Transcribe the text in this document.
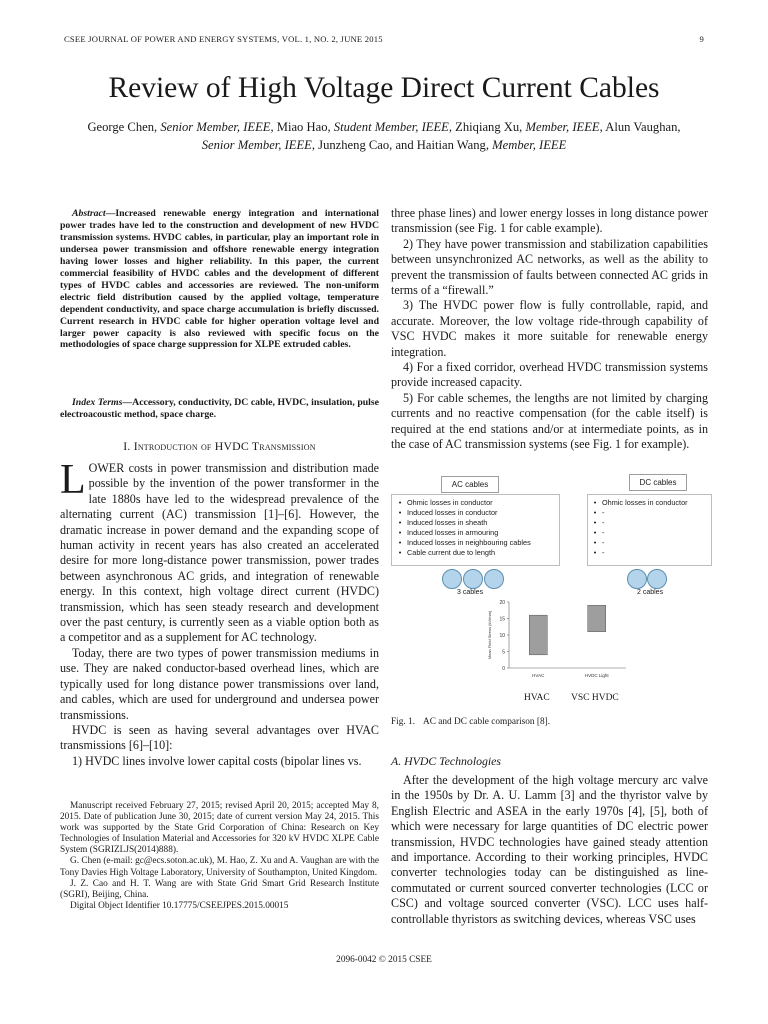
CSEE JOURNAL OF POWER AND ENERGY SYSTEMS, VOL. 1, NO. 2, JUNE 2015	9
Review of High Voltage Direct Current Cables
George Chen, Senior Member, IEEE, Miao Hao, Student Member, IEEE, Zhiqiang Xu, Member, IEEE, Alun Vaughan, Senior Member, IEEE, Junzheng Cao, and Haitian Wang, Member, IEEE
Abstract—Increased renewable energy integration and international power trades have led to the construction and development of new HVDC transmission systems. HVDC cables, in particular, play an important role in undersea power transmission and offshore renewable energy integration having lower losses and higher reliability. In this paper, the current commercial feasibility of HVDC cables and the development of different types of HVDC cables and accessories are reviewed. The non-uniform electric field distribution caused by the applied voltage, temperature dependent conductivity, and space charge accumulation is briefly discussed. Current research in HVDC cable for higher operation voltage level and larger power capacity is also reviewed with specific focus on the methodologies of space charge suppression for XLPE extruded cables.
Index Terms—Accessory, conductivity, DC cable, HVDC, insulation, pulse electroacoustic method, space charge.
I. Introduction of HVDC Transmission

LOWER costs in power transmission and distribution made possible by the invention of the power transformer in the late 1880s have led to the widespread prevalence of the alternating current (AC) transmission [1]–[6]. However, the dramatic increase in power demand and the expanding scope of human activity in recent years has also created an accelerated desire for more long-distance power transmission, power trades between asynchronous AC grids, and integration of renewable energy. In this context, high voltage direct current (HVDC) transmission, which has seen steady research and development over the past century, is currently seen as a viable option both as a competitor and as a supplement for AC technology.

Today, there are two types of power transmission mediums in use. They are naked conductor-based overhead lines, which are typically used for long distance power transmissions over land, and cables, which are used for underground and undersea power transmissions.

HVDC is seen as having several advantages over HVAC transmissions [6]–[10]:

1) HVDC lines involve lower capital costs (bipolar lines vs.

Manuscript received February 27, 2015; revised April 20, 2015; accepted May 8, 2015. Date of publication June 30, 2015; date of current version May 24, 2015. This work was supported by the State Grid Corporation of China: Research on Key Technologies of Insulation Material and Accessories for 320 kV HVDC XLPE Cable System (SGRIZLJS(2014)888).

G. Chen (e-mail: gc@ecs.soton.ac.uk), M. Hao, Z. Xu and A. Vaughan are with the Tony Davies High Voltage Laboratory, University of Southampton, United Kingdom.

J. Z. Cao and H. T. Wang are with State Grid Smart Grid Research Institute (SGRI), Beijing, China.

Digital Object Identifier 10.17775/CSEEJPES.2015.00015

three phase lines) and lower energy losses in long distance power transmission (see Fig. 1 for cable example).

2) They have power transmission and stabilization capabilities between unsynchronized AC networks, as well as the ability to prevent the transmission of faults between connected AC grids in terms of a “firewall.”

3) The HVDC power flow is fully controllable, rapid, and accurate. Moreover, the low voltage ride-through capability of VSC HVDC makes it more suitable for renewable energy integration.

4) For a fixed corridor, overhead HVDC transmission systems provide increased capacity.

5) For cable schemes, the lengths are not limited by charging currents and no reactive compensation (for the cable itself) is required at the end stations and/or at intermediate points, as in the case of AC transmission systems (see Fig. 1 for example).

AC cables
• Ohmic losses in conductor
• Induced losses in conductor
• Induced losses in sheath
• Induced losses in armouring
• Induced losses in neighbouring cables
• Cable current due to length
DC cables
• Ohmic losses in conductor
• -
• -
• -
• -
• -
3 cables	2 cables
0
5
10
15
20
Mean Field Stress (kV/mm)
HVAC	HVDC Light
HVAC VSC HVDC
Fig. 1. AC and DC cable comparison [8].
A. HVDC Technologies

After the development of the high voltage mercury arc valve in the 1950s by Dr. A. U. Lamm [3] and the thyristor valve by English Electric and ASEA in the early 1970s [4], [5], both of which were necessary for large quantities of DC electric power transmission, HVDC technologies have gained steady attention and importance. According to their working principles, HVDC converter technologies today can be distinguished as line-commutated or current sourced converter technologies (LCC or CSC) and voltage sourced converter (VSC). LCC uses half-controllable thyristors as switching devices, whereas VSC uses

2096-0042 © 2015 CSEE
